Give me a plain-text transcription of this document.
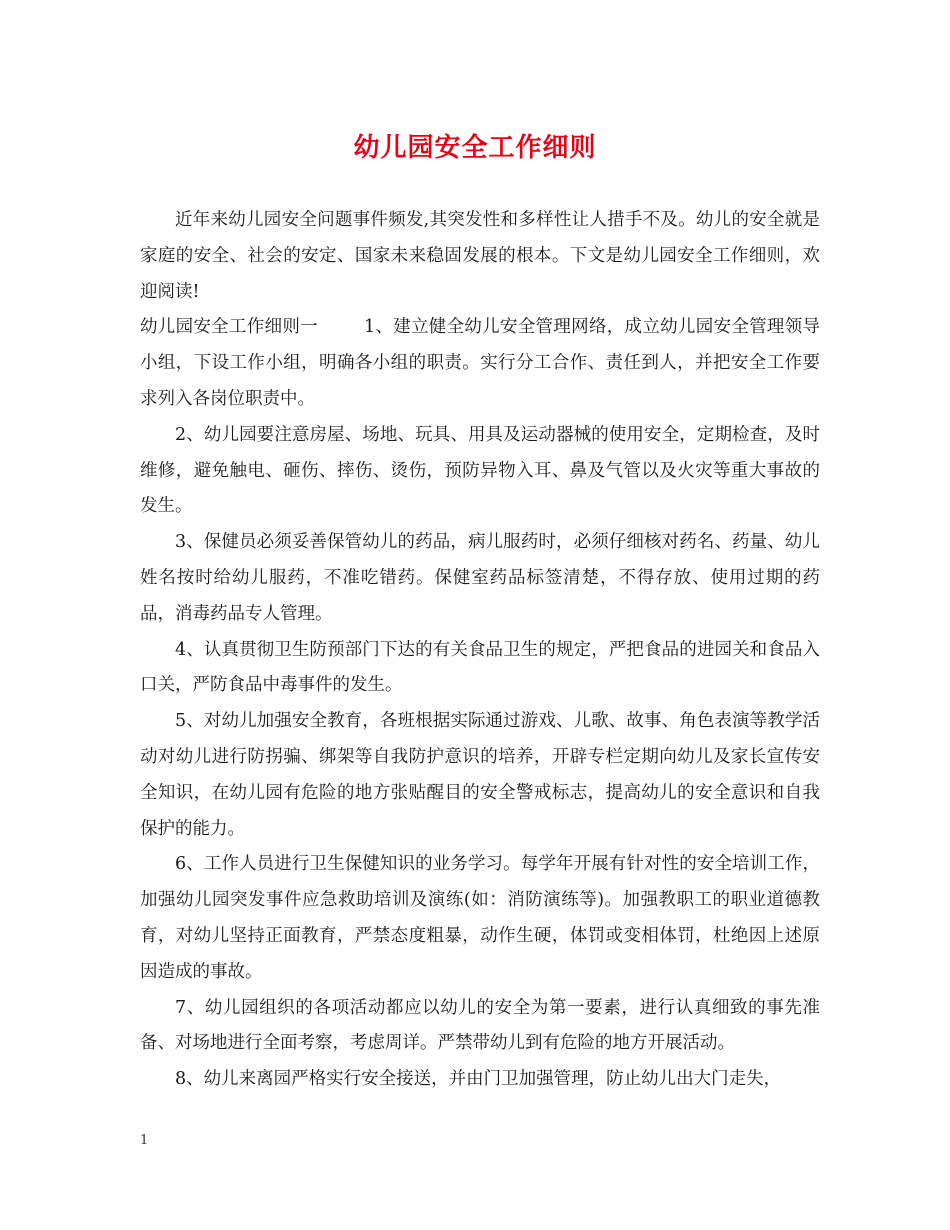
幼儿园安全工作细则

近年来幼儿园安全问题事件频发,其突发性和多样性让人措手不及。幼儿的安全就是家庭的安全、社会的安定、国家未来稳固发展的根本。下文是幼儿园安全工作细则，欢迎阅读!

幼儿园安全工作细则一	1、建立健全幼儿安全管理网络，成立幼儿园安全管理领导小组，下设工作小组，明确各小组的职责。实行分工合作、责任到人，并把安全工作要求列入各岗位职责中。

2、幼儿园要注意房屋、场地、玩具、用具及运动器械的使用安全，定期检查，及时维修，避免触电、砸伤、摔伤、烫伤，预防异物入耳、鼻及气管以及火灾等重大事故的发生。

3、保健员必须妥善保管幼儿的药品，病儿服药时，必须仔细核对药名、药量、幼儿姓名按时给幼儿服药，不准吃错药。保健室药品标签清楚，不得存放、使用过期的药品，消毒药品专人管理。

4、认真贯彻卫生防预部门下达的有关食品卫生的规定，严把食品的进园关和食品入口关，严防食品中毒事件的发生。

5、对幼儿加强安全教育，各班根据实际通过游戏、儿歌、故事、角色表演等教学活动对幼儿进行防拐骗、绑架等自我防护意识的培养，开辟专栏定期向幼儿及家长宣传安全知识，在幼儿园有危险的地方张贴醒目的安全警戒标志，提高幼儿的安全意识和自我保护的能力。

6、工作人员进行卫生保健知识的业务学习。每学年开展有针对性的安全培训工作，加强幼儿园突发事件应急救助培训及演练(如：消防演练等)。加强教职工的职业道德教育，对幼儿坚持正面教育，严禁态度粗暴，动作生硬，体罚或变相体罚，杜绝因上述原因造成的事故。

7、幼儿园组织的各项活动都应以幼儿的安全为第一要素，进行认真细致的事先准备、对场地进行全面考察，考虑周详。严禁带幼儿到有危险的地方开展活动。

8、幼儿来离园严格实行安全接送，并由门卫加强管理，防止幼儿出大门走失，

1
